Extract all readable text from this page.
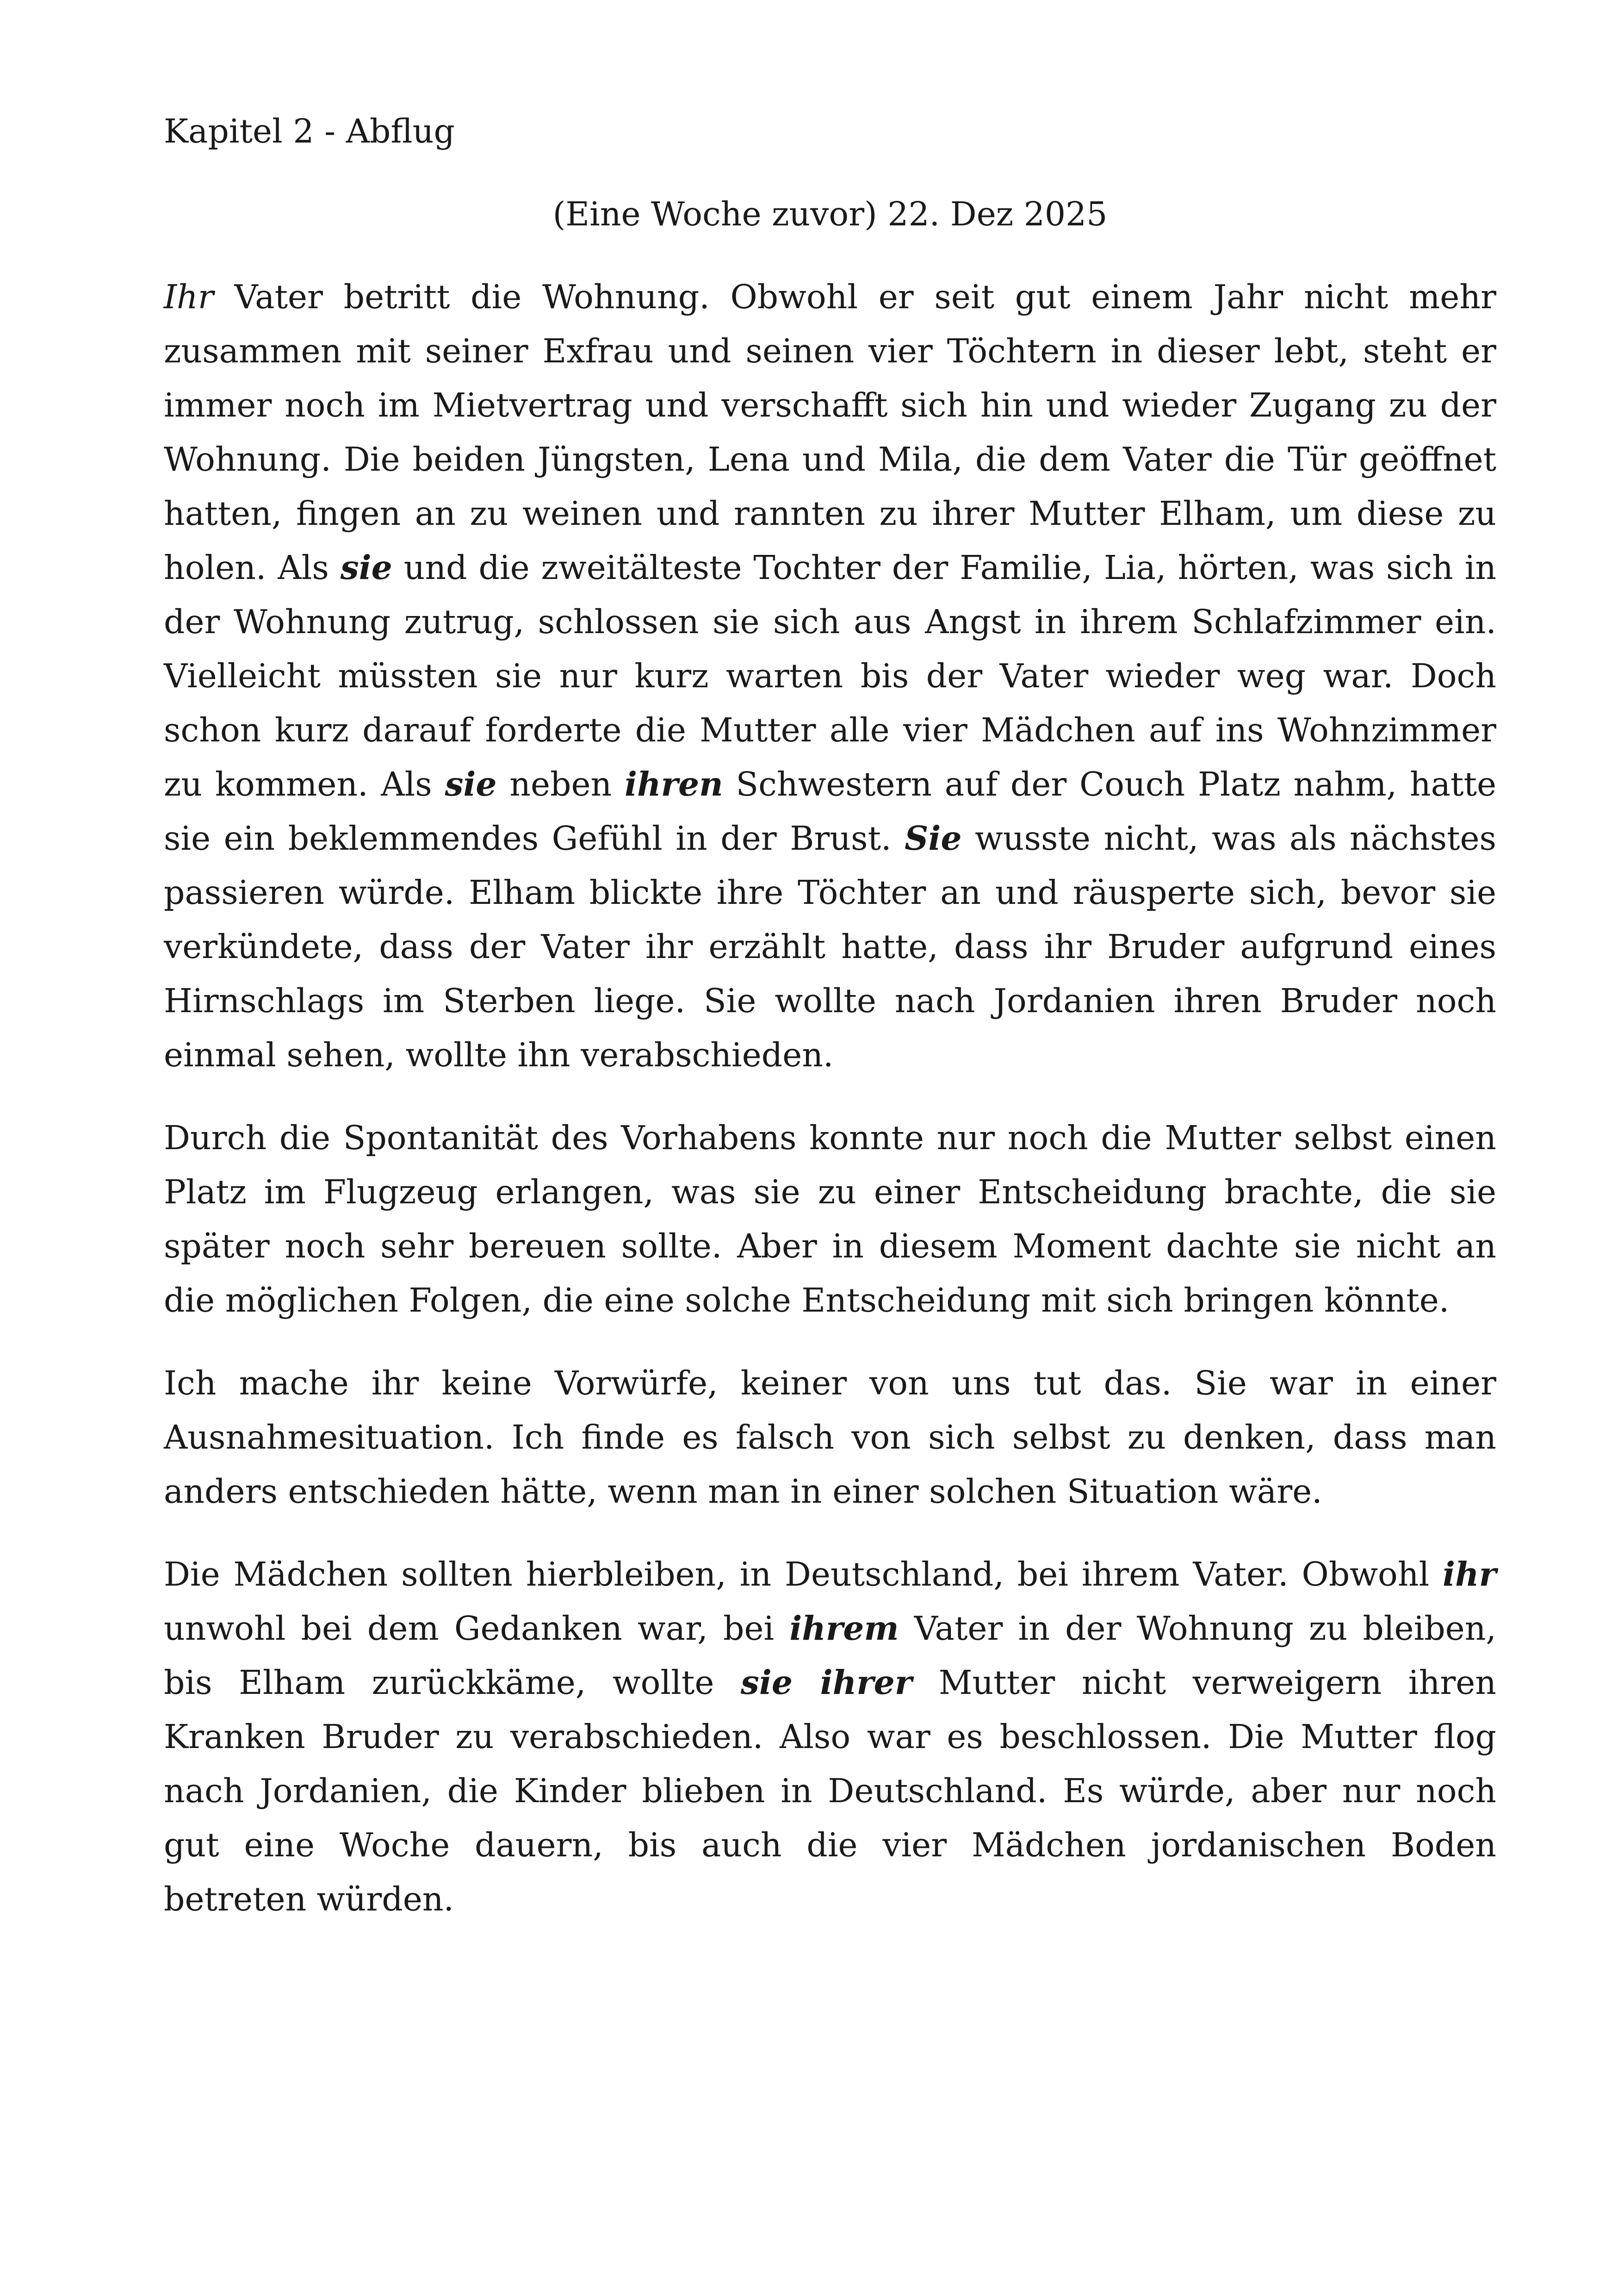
Kapitel 2 - Abflug
(Eine Woche zuvor) 22. Dez 2025

Ihr Vater betritt die Wohnung. Obwohl er seit gut einem Jahr nicht mehr zusammen mit seiner Exfrau und seinen vier Töchtern in dieser lebt, steht er immer noch im Mietvertrag und verschafft sich hin und wieder Zugang zu der Wohnung. Die beiden Jüngsten, Lena und Mila, die dem Vater die Tür geöffnet hatten, fingen an zu weinen und rannten zu ihrer Mutter Elham, um diese zu holen. Als sie und die zweitälteste Tochter der Familie, Lia, hörten, was sich in der Wohnung zutrug, schlossen sie sich aus Angst in ihrem Schlafzimmer ein. Vielleicht müssten sie nur kurz warten bis der Vater wieder weg war. Doch schon kurz darauf forderte die Mutter alle vier Mädchen auf ins Wohnzimmer zu kommen. Als sie neben ihren Schwestern auf der Couch Platz nahm, hatte sie ein beklemmendes Gefühl in der Brust. Sie wusste nicht, was als nächstes passieren würde. Elham blickte ihre Töchter an und räusperte sich, bevor sie verkündete, dass der Vater ihr erzählt hatte, dass ihr Bruder aufgrund eines Hirnschlags im Sterben liege. Sie wollte nach Jordanien ihren Bruder noch einmal sehen, wollte ihn verabschieden.

Durch die Spontanität des Vorhabens konnte nur noch die Mutter selbst einen Platz im Flugzeug erlangen, was sie zu einer Entscheidung brachte, die sie später noch sehr bereuen sollte. Aber in diesem Moment dachte sie nicht an die möglichen Folgen, die eine solche Entscheidung mit sich bringen könnte.

Ich mache ihr keine Vorwürfe, keiner von uns tut das. Sie war in einer Ausnahmesituation. Ich finde es falsch von sich selbst zu denken, dass man anders entschieden hätte, wenn man in einer solchen Situation wäre.

Die Mädchen sollten hierbleiben, in Deutschland, bei ihrem Vater. Obwohl ihr unwohl bei dem Gedanken war, bei ihrem Vater in der Wohnung zu bleiben, bis Elham zurückkäme, wollte sie ihrer Mutter nicht verweigern ihren Kranken Bruder zu verabschieden. Also war es beschlossen. Die Mutter flog nach Jordanien, die Kinder blieben in Deutschland. Es würde, aber nur noch gut eine Woche dauern, bis auch die vier Mädchen jordanischen Boden betreten würden.
